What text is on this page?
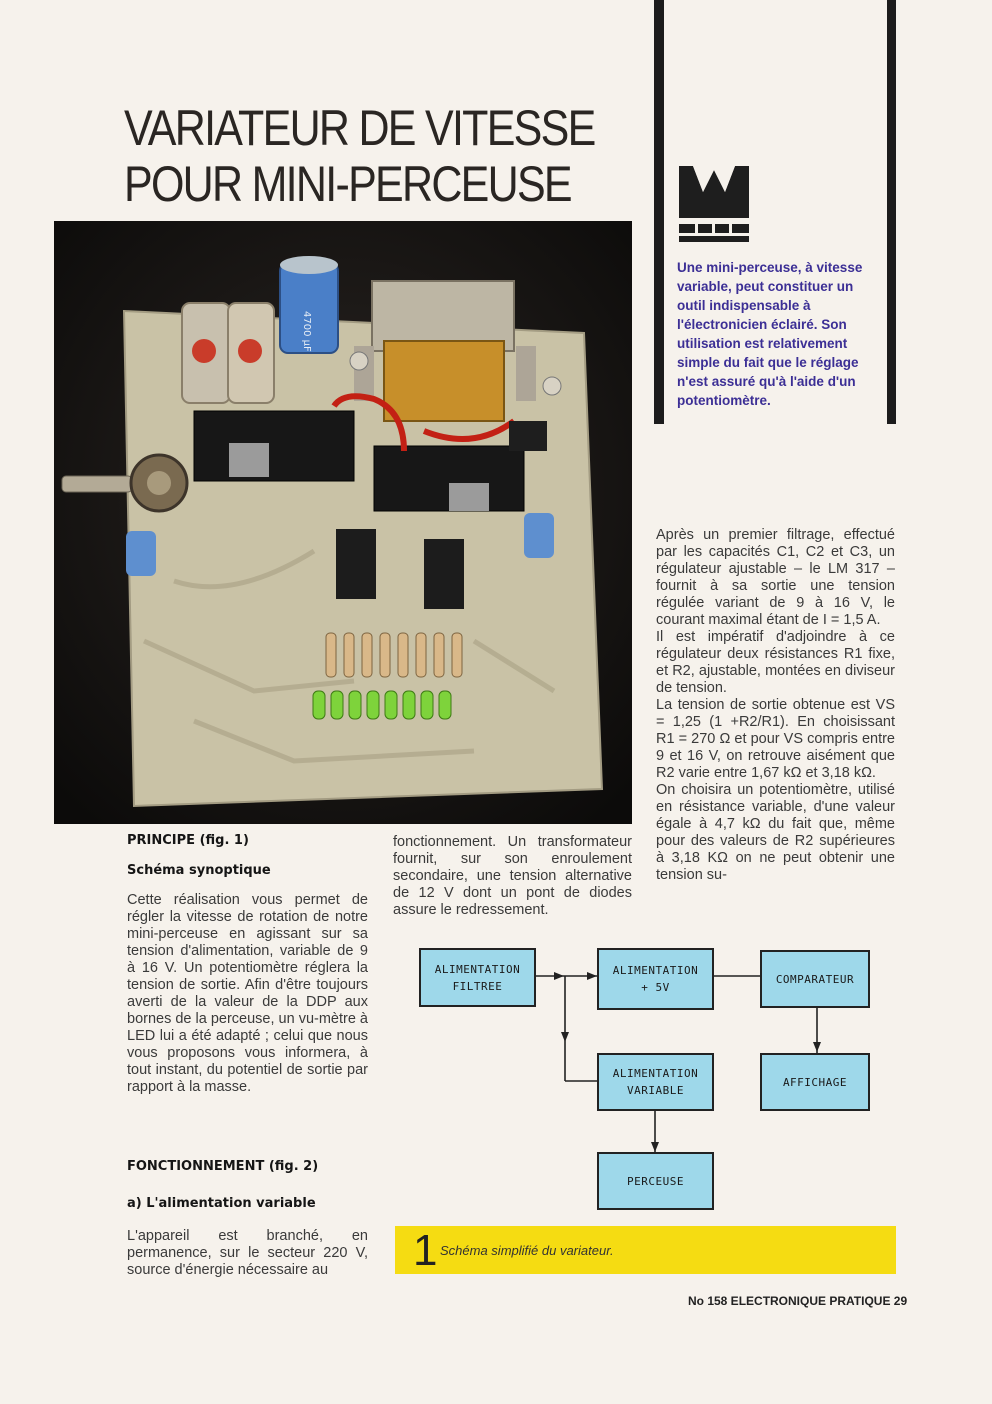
VARIATEUR DE VITESSE
POUR MINI-PERCEUSE
Une mini-perceuse, à vitesse variable, peut constituer un outil indispensable à l'électronicien éclairé. Son utilisation est relativement simple du fait que le réglage n'est assuré qu'à l'aide d'un potentiomètre.
4700 µF
PRINCIPE (fig. 1)
Schéma synoptique

Cette réalisation vous permet de régler la vitesse de rotation de notre mini-perceuse en agissant sur sa tension d'alimentation, variable de 9 à 16 V. Un potentiomètre réglera la tension de sortie. Afin d'être toujours averti de la valeur de la DDP aux bornes de la perceuse, un vu-mètre à LED lui a été adapté ; celui que nous vous proposons vous informera, à tout instant, du potentiel de sortie par rapport à la masse.

FONCTIONNEMENT (fig. 2)
a) L'alimentation variable

L'appareil est branché, en permanence, sur le secteur 220 V, source d'énergie nécessaire au

fonctionnement. Un transformateur fournit, sur son enroulement secondaire, une tension alternative de 12 V dont un pont de diodes assure le redressement.

Après un premier filtrage, effectué par les capacités C1, C2 et C3, un régulateur ajustable – le LM 317 – fournit à sa sortie une tension régulée variant de 9 à 16 V, le courant maximal étant de I = 1,5 A.

Il est impératif d'adjoindre à ce régulateur deux résistances R1 fixe, et R2, ajustable, montées en diviseur de tension.

La tension de sortie obtenue est VS = 1,25 (1 +R2/R1). En choisissant R1 = 270 Ω et pour VS compris entre 9 et 16 V, on retrouve aisément que R2 varie entre 1,67 kΩ et 3,18 kΩ.

On choisira un potentiomètre, utilisé en résistance variable, d'une valeur égale à 4,7 kΩ du fait que, même pour des valeurs de R2 supérieures à 3,18 KΩ on ne peut obtenir une tension su-

ALIMENTATION
FILTREE
ALIMENTATION
+ 5V
COMPARATEUR
ALIMENTATION
VARIABLE
AFFICHAGE
PERCEUSE
1 Schéma simplifié du variateur.
No 158 ELECTRONIQUE PRATIQUE 29
